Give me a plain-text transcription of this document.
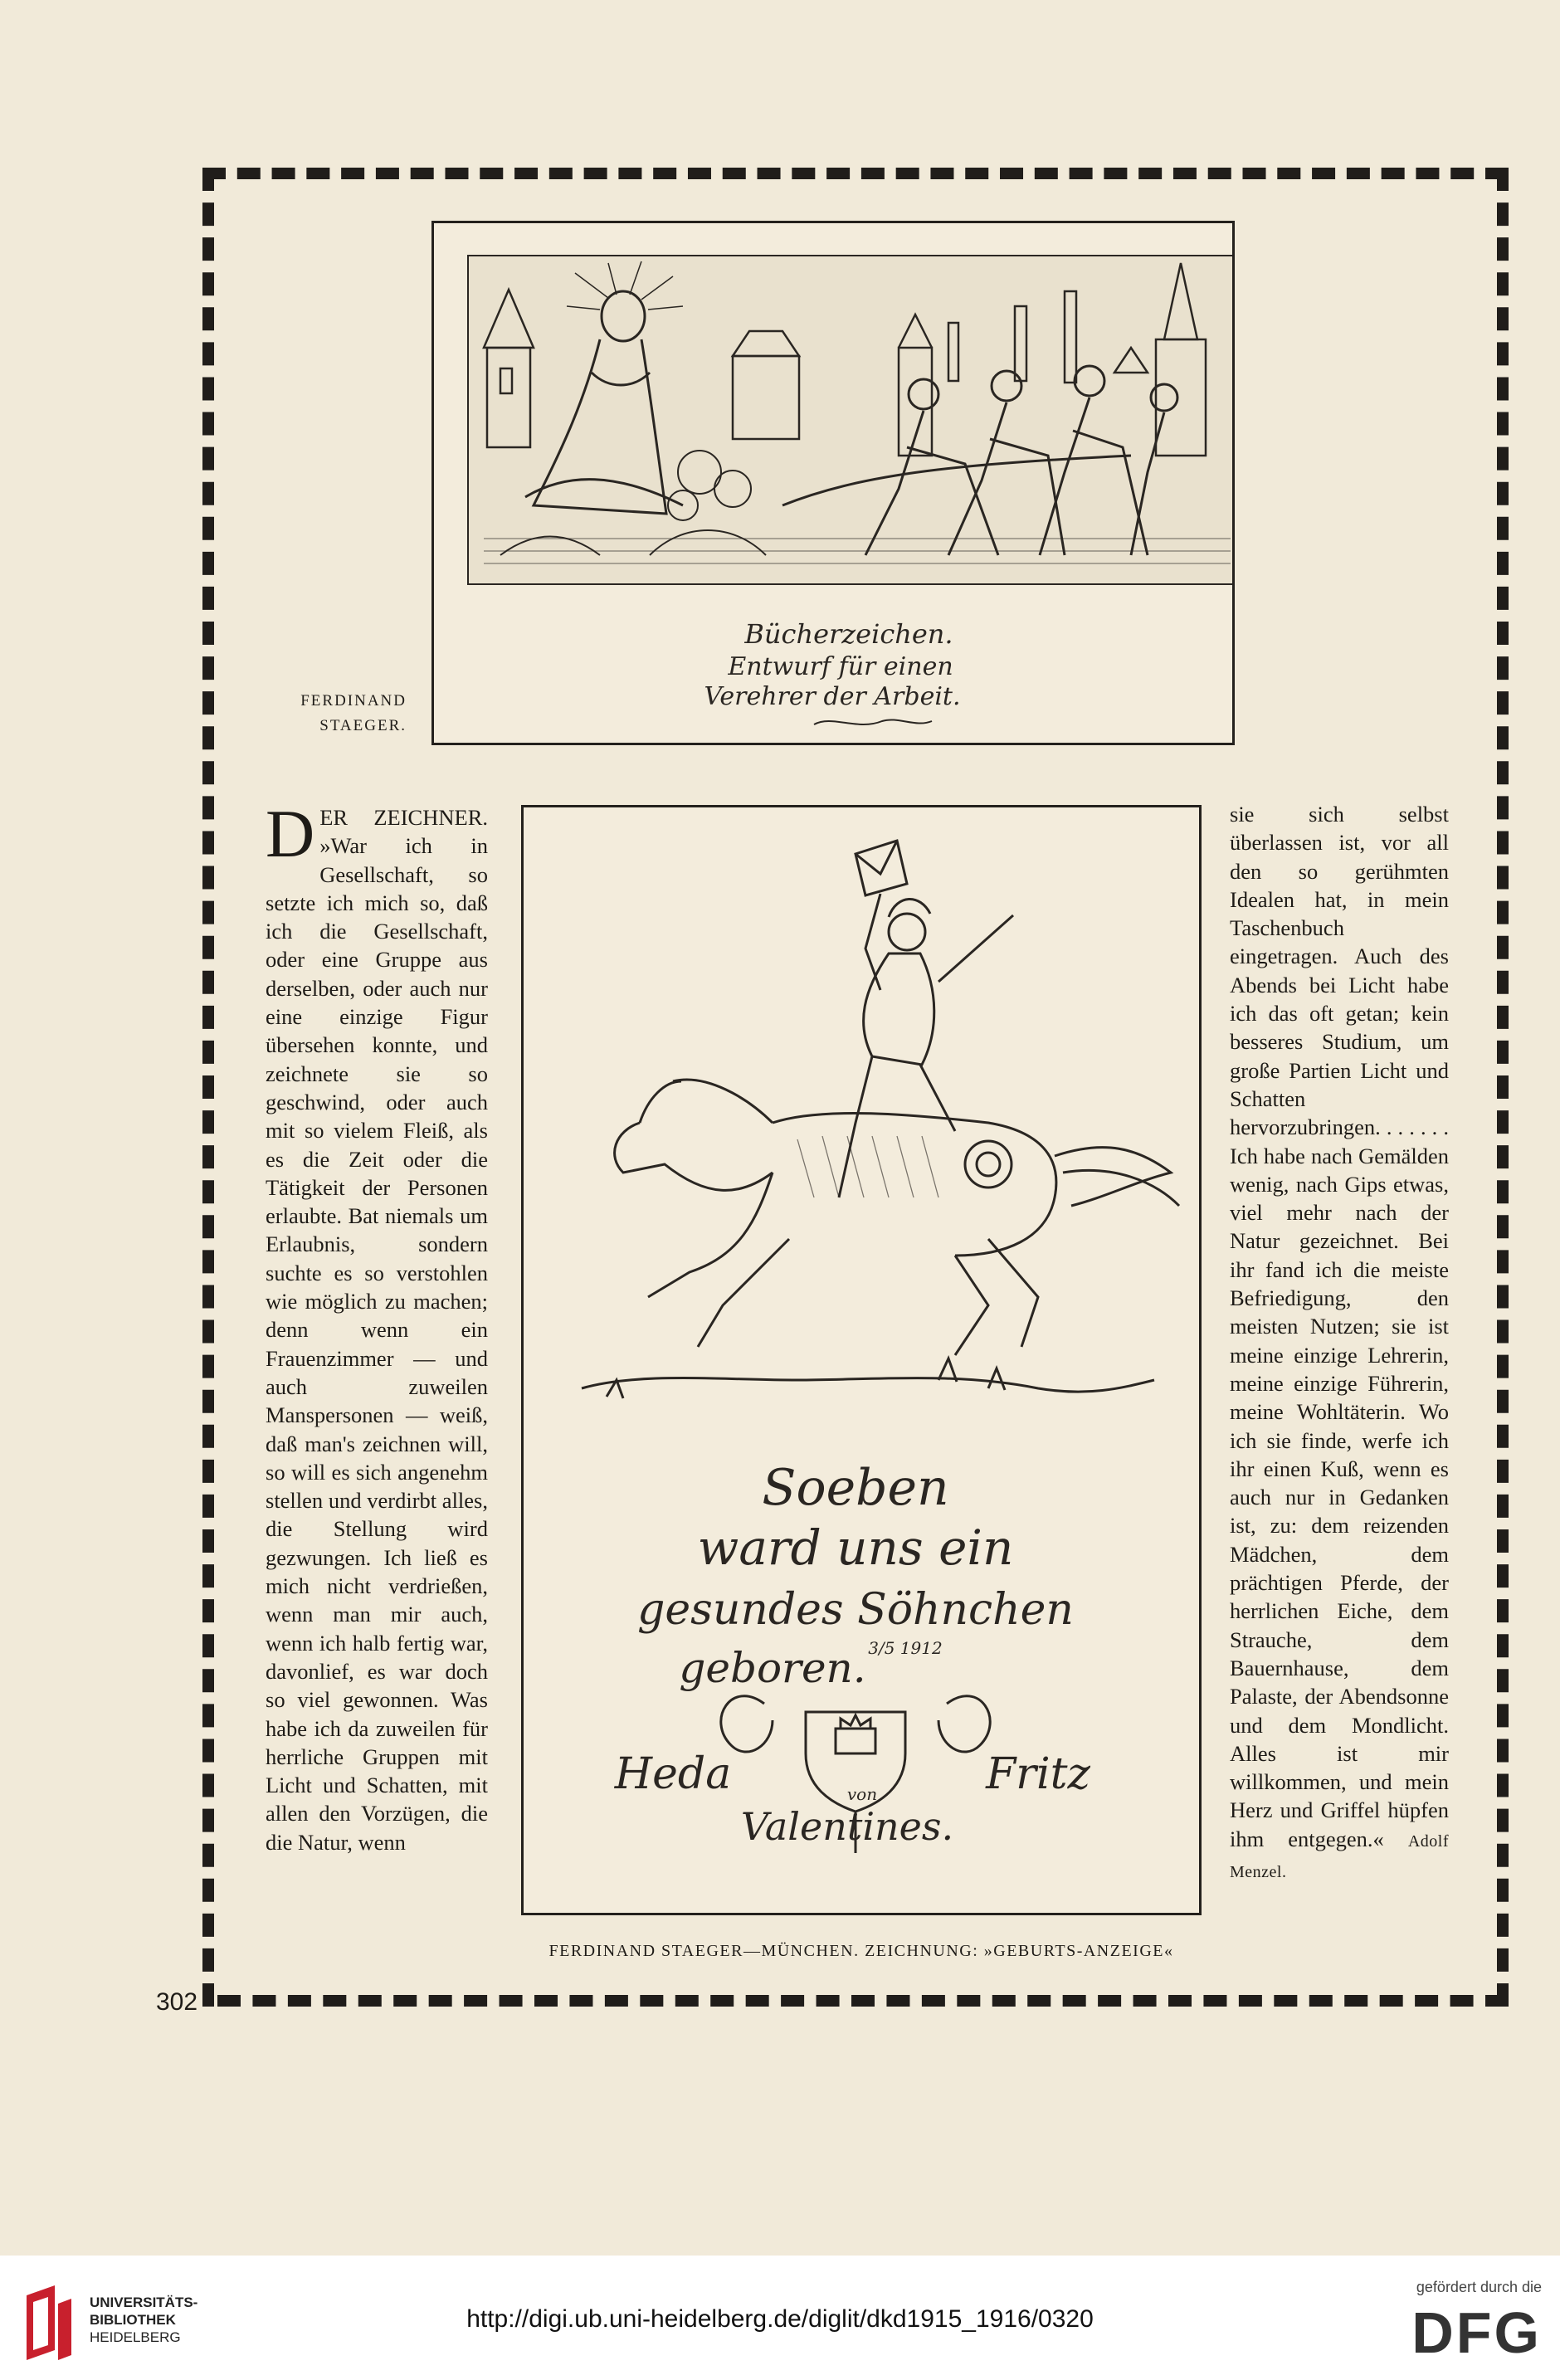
302

Bücherzeichen.
Entwurf für einen
Verehrer der Arbeit.
FERDINAND
STAEGER.

DER ZEICHNER. »War ich in Gesellschaft, so setzte ich mich so, daß ich die Gesellschaft, oder eine Gruppe aus derselben, oder auch nur eine einzige Figur übersehen konnte, und zeichnete sie so geschwind, oder auch mit so vielem Fleiß, als es die Zeit oder die Tätigkeit der Personen erlaubte. Bat niemals um Erlaubnis, sondern suchte es so verstohlen wie möglich zu machen; denn wenn ein Frauenzimmer — und auch zuweilen Manspersonen — weiß, daß man's zeichnen will, so will es sich angenehm stellen und verdirbt alles, die Stellung wird gezwungen. Ich ließ es mich nicht verdrießen, wenn man mir auch, wenn ich halb fertig war, davonlief, es war doch so viel gewonnen. Was habe ich da zuweilen für herrliche Gruppen mit Licht und Schatten, mit allen den Vorzügen, die die Natur, wenn

Soeben
ward uns ein
gesundes Söhnchen
geboren. 3/5 1912
Heda	Fritz
von
Valentines.
FERDINAND STAEGER—MÜNCHEN. ZEICHNUNG: »GEBURTS-ANZEIGE«

sie sich selbst überlassen ist, vor all den so gerühmten Idealen hat, in mein Taschenbuch eingetragen. Auch des Abends bei Licht habe ich das oft getan; kein besseres Studium, um große Partien Licht und Schatten hervorzubringen. . . . . . . Ich habe nach Gemälden wenig, nach Gips etwas, viel mehr nach der Natur gezeichnet. Bei ihr fand ich die meiste Befriedigung, den meisten Nutzen; sie ist meine einzige Lehrerin, meine einzige Führerin, meine Wohltäterin. Wo ich sie finde, werfe ich ihr einen Kuß, wenn es auch nur in Gedanken ist, zu: dem reizenden Mädchen, dem prächtigen Pferde, der herrlichen Eiche, dem Strauche, dem Bauernhause, dem Palaste, der Abendsonne und dem Mondlicht. Alles ist mir willkommen, und mein Herz und Griffel hüpfen ihm entgegen.« Adolf Menzel.

UNIVERSITÄTS-
BIBLIOTHEK
HEIDELBERG
http://digi.ub.uni-heidelberg.de/diglit/dkd1915_1916/0320
gefördert durch die
DFG
